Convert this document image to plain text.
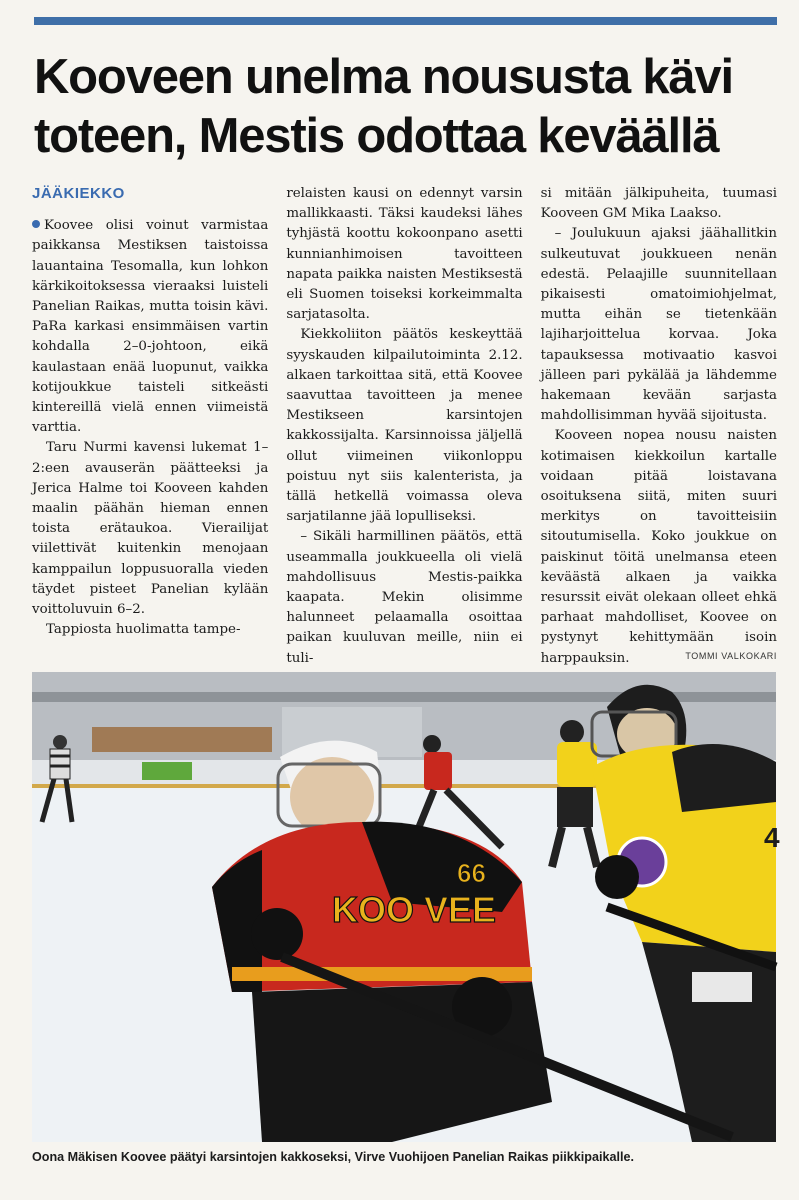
Kooveen unelma noususta kävi toteen, Mestis odottaa keväällä
JÄÄKIEKKO

Koovee olisi voinut varmistaa paikkansa Mestiksen taistoissa lauantaina Tesomalla, kun lohkon kärkikoitoksessa vieraaksi luisteli Panelian Raikas, mutta toisin kävi. PaRa karkasi ensimmäisen vartin kohdalla 2–0-johtoon, eikä kaulastaan enää luopunut, vaikka kotijoukkue taisteli sitkeästi kintereillä vielä ennen viimeistä varttia.

Taru Nurmi kavensi lukemat 1–2:een avauserän päätteeksi ja Jerica Halme toi Kooveen kahden maalin päähän hieman ennen toista erätaukoa. Vierailijat viilettivät kuitenkin menojaan kamppailun loppusuoralla vieden täydet pisteet Panelian kylään voittoluvuin 6–2.

Tappiosta huolimatta tampe-

relaisten kausi on edennyt varsin mallikkaasti. Täksi kaudeksi lähes tyhjästä koottu kokoonpano asetti kunnianhimoisen tavoitteen napata paikka naisten Mestiksestä eli Suomen toiseksi korkeimmalta sarjatasolta.

Kiekkoliiton päätös keskeyttää syyskauden kilpailutoiminta 2.12. alkaen tarkoittaa sitä, että Koovee saavuttaa tavoitteen ja menee Mestikseen karsintojen kakkossijalta. Karsinnoissa jäljellä ollut viimeinen viikonloppu poistuu nyt siis kalenterista, ja tällä hetkellä voimassa oleva sarjatilanne jää lopulliseksi.

– Sikäli harmillinen päätös, että useammalla joukkueella oli vielä mahdollisuus Mestis-paikka kaapata. Mekin olisimme halunneet pelaamalla osoittaa paikan kuuluvan meille, niin ei tuli-

si mitään jälkipuheita, tuumasi Kooveen GM Mika Laakso.

– Joulukuun ajaksi jäähallitkin sulkeutuvat joukkueen nenän edestä. Pelaajille suunnitellaan pikaisesti omatoimiohjelmat, mutta eihän se tietenkään lajiharjoittelua korvaa. Joka tapauksessa motivaatio kasvoi jälleen pari pykälää ja lähdemme hakemaan kevään sarjasta mahdollisimman hyvää sijoitusta.

Kooveen nopea nousu naisten kotimaisen kiekkoilun kartalle voidaan pitää loistavana osoituksena siitä, miten suuri merkitys on tavoitteisiin sitoutumisella. Koko joukkue on paiskinut töitä unelmansa eteen keväästä alkaen ja vaikka resurssit eivät olekaan olleet ehkä parhaat mahdolliset, Koovee on pystynyt kehittymään isoin harppauksin.	TOMMI VALKOKARI
4
KOO VEE
66
Oona Mäkisen Koovee päätyi karsintojen kakkoseksi, Virve Vuohijoen Panelian Raikas piikkipaikalle.
